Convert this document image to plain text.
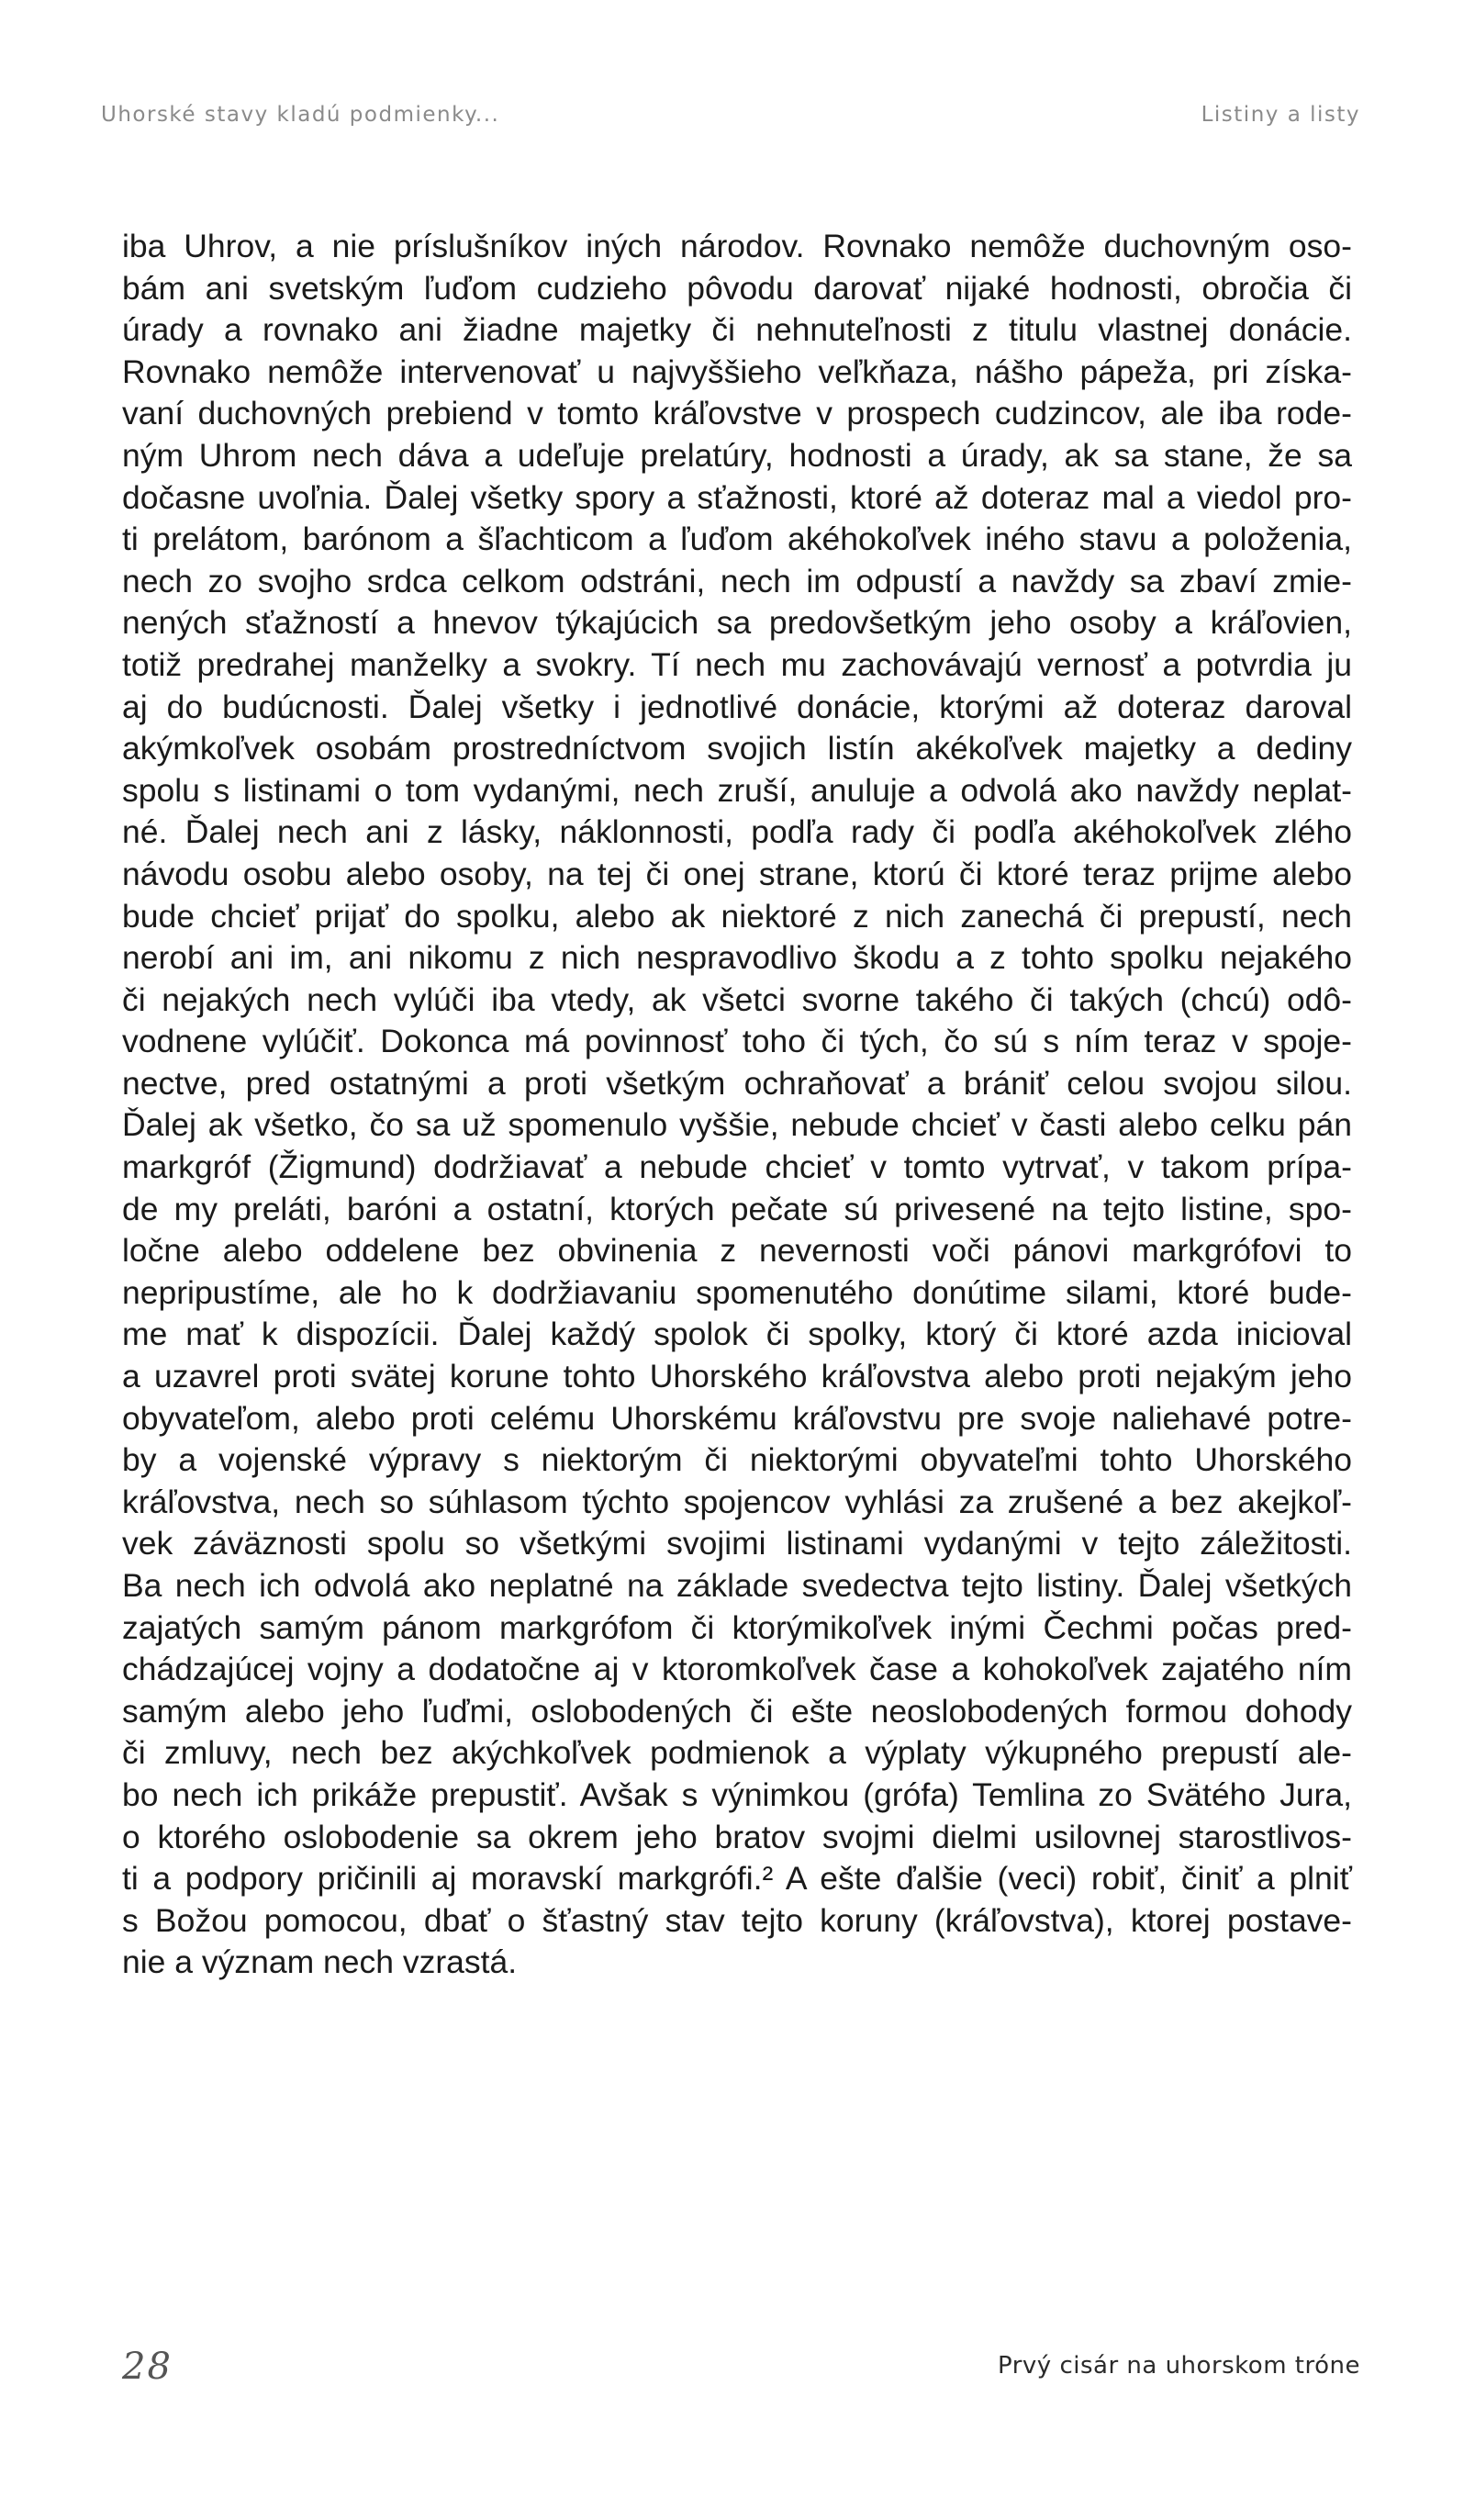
Uhorské stavy kladú podmienky...	Listiny a listy
iba Uhrov, a nie príslušníkov iných národov. Rovnako nemôže duchovným oso-
bám ani svetským ľuďom cudzieho pôvodu darovať nijaké hodnosti, obročia či
úrady a rovnako ani žiadne majetky či nehnuteľnosti z titulu vlastnej donácie.
Rovnako nemôže intervenovať u najvyššieho veľkňaza, nášho pápeža, pri získa-
vaní duchovných prebiend v tomto kráľovstve v prospech cudzincov, ale iba rode-
ným Uhrom nech dáva a udeľuje prelatúry, hodnosti a úrady, ak sa stane, že sa
dočasne uvoľnia. Ďalej všetky spory a sťažnosti, ktoré až doteraz mal a viedol pro-
ti prelátom, barónom a šľachticom a ľuďom akéhokoľvek iného stavu a položenia,
nech zo svojho srdca celkom odstráni, nech im odpustí a navždy sa zbaví zmie-
nených sťažností a hnevov týkajúcich sa predovšetkým jeho osoby a kráľovien,
totiž predrahej manželky a svokry. Tí nech mu zachovávajú vernosť a potvrdia ju
aj do budúcnosti. Ďalej všetky i jednotlivé donácie, ktorými až doteraz daroval
akýmkoľvek osobám prostredníctvom svojich listín akékoľvek majetky a dediny
spolu s listinami o tom vydanými, nech zruší, anuluje a odvolá ako navždy neplat-
né. Ďalej nech ani z lásky, náklonnosti, podľa rady či podľa akéhokoľvek zlého
návodu osobu alebo osoby, na tej či onej strane, ktorú či ktoré teraz prijme alebo
bude chcieť prijať do spolku, alebo ak niektoré z nich zanechá či prepustí, nech
nerobí ani im, ani nikomu z nich nespravodlivo škodu a z tohto spolku nejakého
či nejakých nech vylúči iba vtedy, ak všetci svorne takého či takých (chcú) odô-
vodnene vylúčiť. Dokonca má povinnosť toho či tých, čo sú s ním teraz v spoje-
nectve, pred ostatnými a proti všetkým ochraňovať a brániť celou svojou silou.
Ďalej ak všetko, čo sa už spomenulo vyššie, nebude chcieť v časti alebo celku pán
markgróf (Žigmund) dodržiavať a nebude chcieť v tomto vytrvať, v takom prípa-
de my preláti, baróni a ostatní, ktorých pečate sú privesené na tejto listine, spo-
ločne alebo oddelene bez obvinenia z nevernosti voči pánovi markgrófovi to
nepripustíme, ale ho k dodržiavaniu spomenutého donútime silami, ktoré bude-
me mať k dispozícii. Ďalej každý spolok či spolky, ktorý či ktoré azda inicioval
a uzavrel proti svätej korune tohto Uhorského kráľovstva alebo proti nejakým jeho
obyvateľom, alebo proti celému Uhorskému kráľovstvu pre svoje naliehavé potre-
by a vojenské výpravy s niektorým či niektorými obyvateľmi tohto Uhorského
kráľovstva, nech so súhlasom týchto spojencov vyhlási za zrušené a bez akejkoľ-
vek záväznosti spolu so všetkými svojimi listinami vydanými v tejto záležitosti.
Ba nech ich odvolá ako neplatné na základe svedectva tejto listiny. Ďalej všetkých
zajatých samým pánom markgrófom či ktorýmikoľvek inými Čechmi počas pred-
chádzajúcej vojny a dodatočne aj v ktoromkoľvek čase a kohokoľvek zajatého ním
samým alebo jeho ľuďmi, oslobodených či ešte neoslobodených formou dohody
či zmluvy, nech bez akýchkoľvek podmienok a výplaty výkupného prepustí ale-
bo nech ich prikáže prepustiť. Avšak s výnimkou (grófa) Temlina zo Svätého Jura,
o ktorého oslobodenie sa okrem jeho bratov svojmi dielmi usilovnej starostlivos-
ti a podpory pričinili aj moravskí markgrófi.² A ešte ďalšie (veci) robiť, činiť a plniť
s Božou pomocou, dbať o šťastný stav tejto koruny (kráľovstva), ktorej postave-
nie a význam nech vzrastá.
28	Prvý cisár na uhorskom tróne
